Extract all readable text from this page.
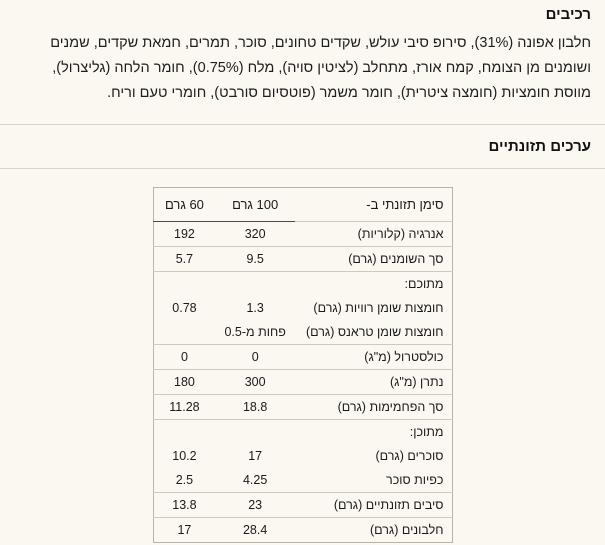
רכיבים
חלבון אפונה (31%), סירופ סיבי עולש, שקדים טחונים, סוכר, תמרים, חמאת שקדים, שמנים ושומנים מן הצומח, קמח אורז, מתחלב (לציטין סויה), מלח (0.75%), חומר הלחה (גליצרול), מווסת חומציות (חומצה ציטרית), חומר משמר (פוטסיום סורבט), חומרי טעם וריח.
ערכים תזונתיים
סימן תזונתי ב-	100 גרם	60 גרם
אנרגיה (קלוריות)	320	192
סך השומנים (גרם)	9.5	5.7
מתוכם:		
חומצות שומן רוויות (גרם)	1.3	0.78
חומצות שומן טראנס (גרם)	פחות מ-0.5	
כולסטרול (מ"ג)	0	0
נתרן (מ"ג)	300	180
סך הפחמימות (גרם)	18.8	11.28
מתוכן:		
סוכרים (גרם)	17	10.2
כפיות סוכר	4.25	2.5
סיבים תזונתיים (גרם)	23	13.8
חלבונים (גרם)	28.4	17
